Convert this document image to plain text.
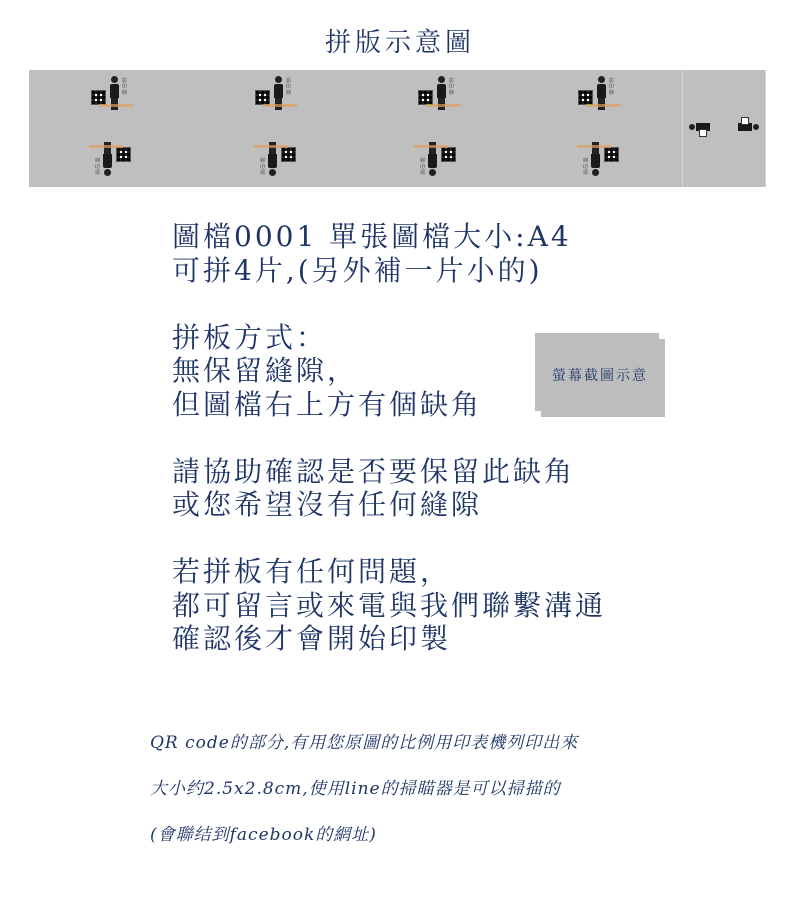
拼版示意圖
影
印
師
影
印
師
影
印
師
影
印
師
影
印
師
影
印
師
影
印
師
影
印
師

圖檔0001 單張圖檔大小:A4

可拼4片,(另外補一片小的)

拼板方式：

無保留縫隙，

但圖檔右上方有個缺角

請協助確認是否要保留此缺角

或您希望沒有任何縫隙

若拼板有任何問題，

都可留言或來電與我們聯繫溝通

確認後才會開始印製

螢幕截圖示意

QR code的部分,有用您原圖的比例用印表機列印出來

大小约2.5x2.8cm,使用line的掃瞄器是可以掃描的

(會聯结到facebook的網址)
